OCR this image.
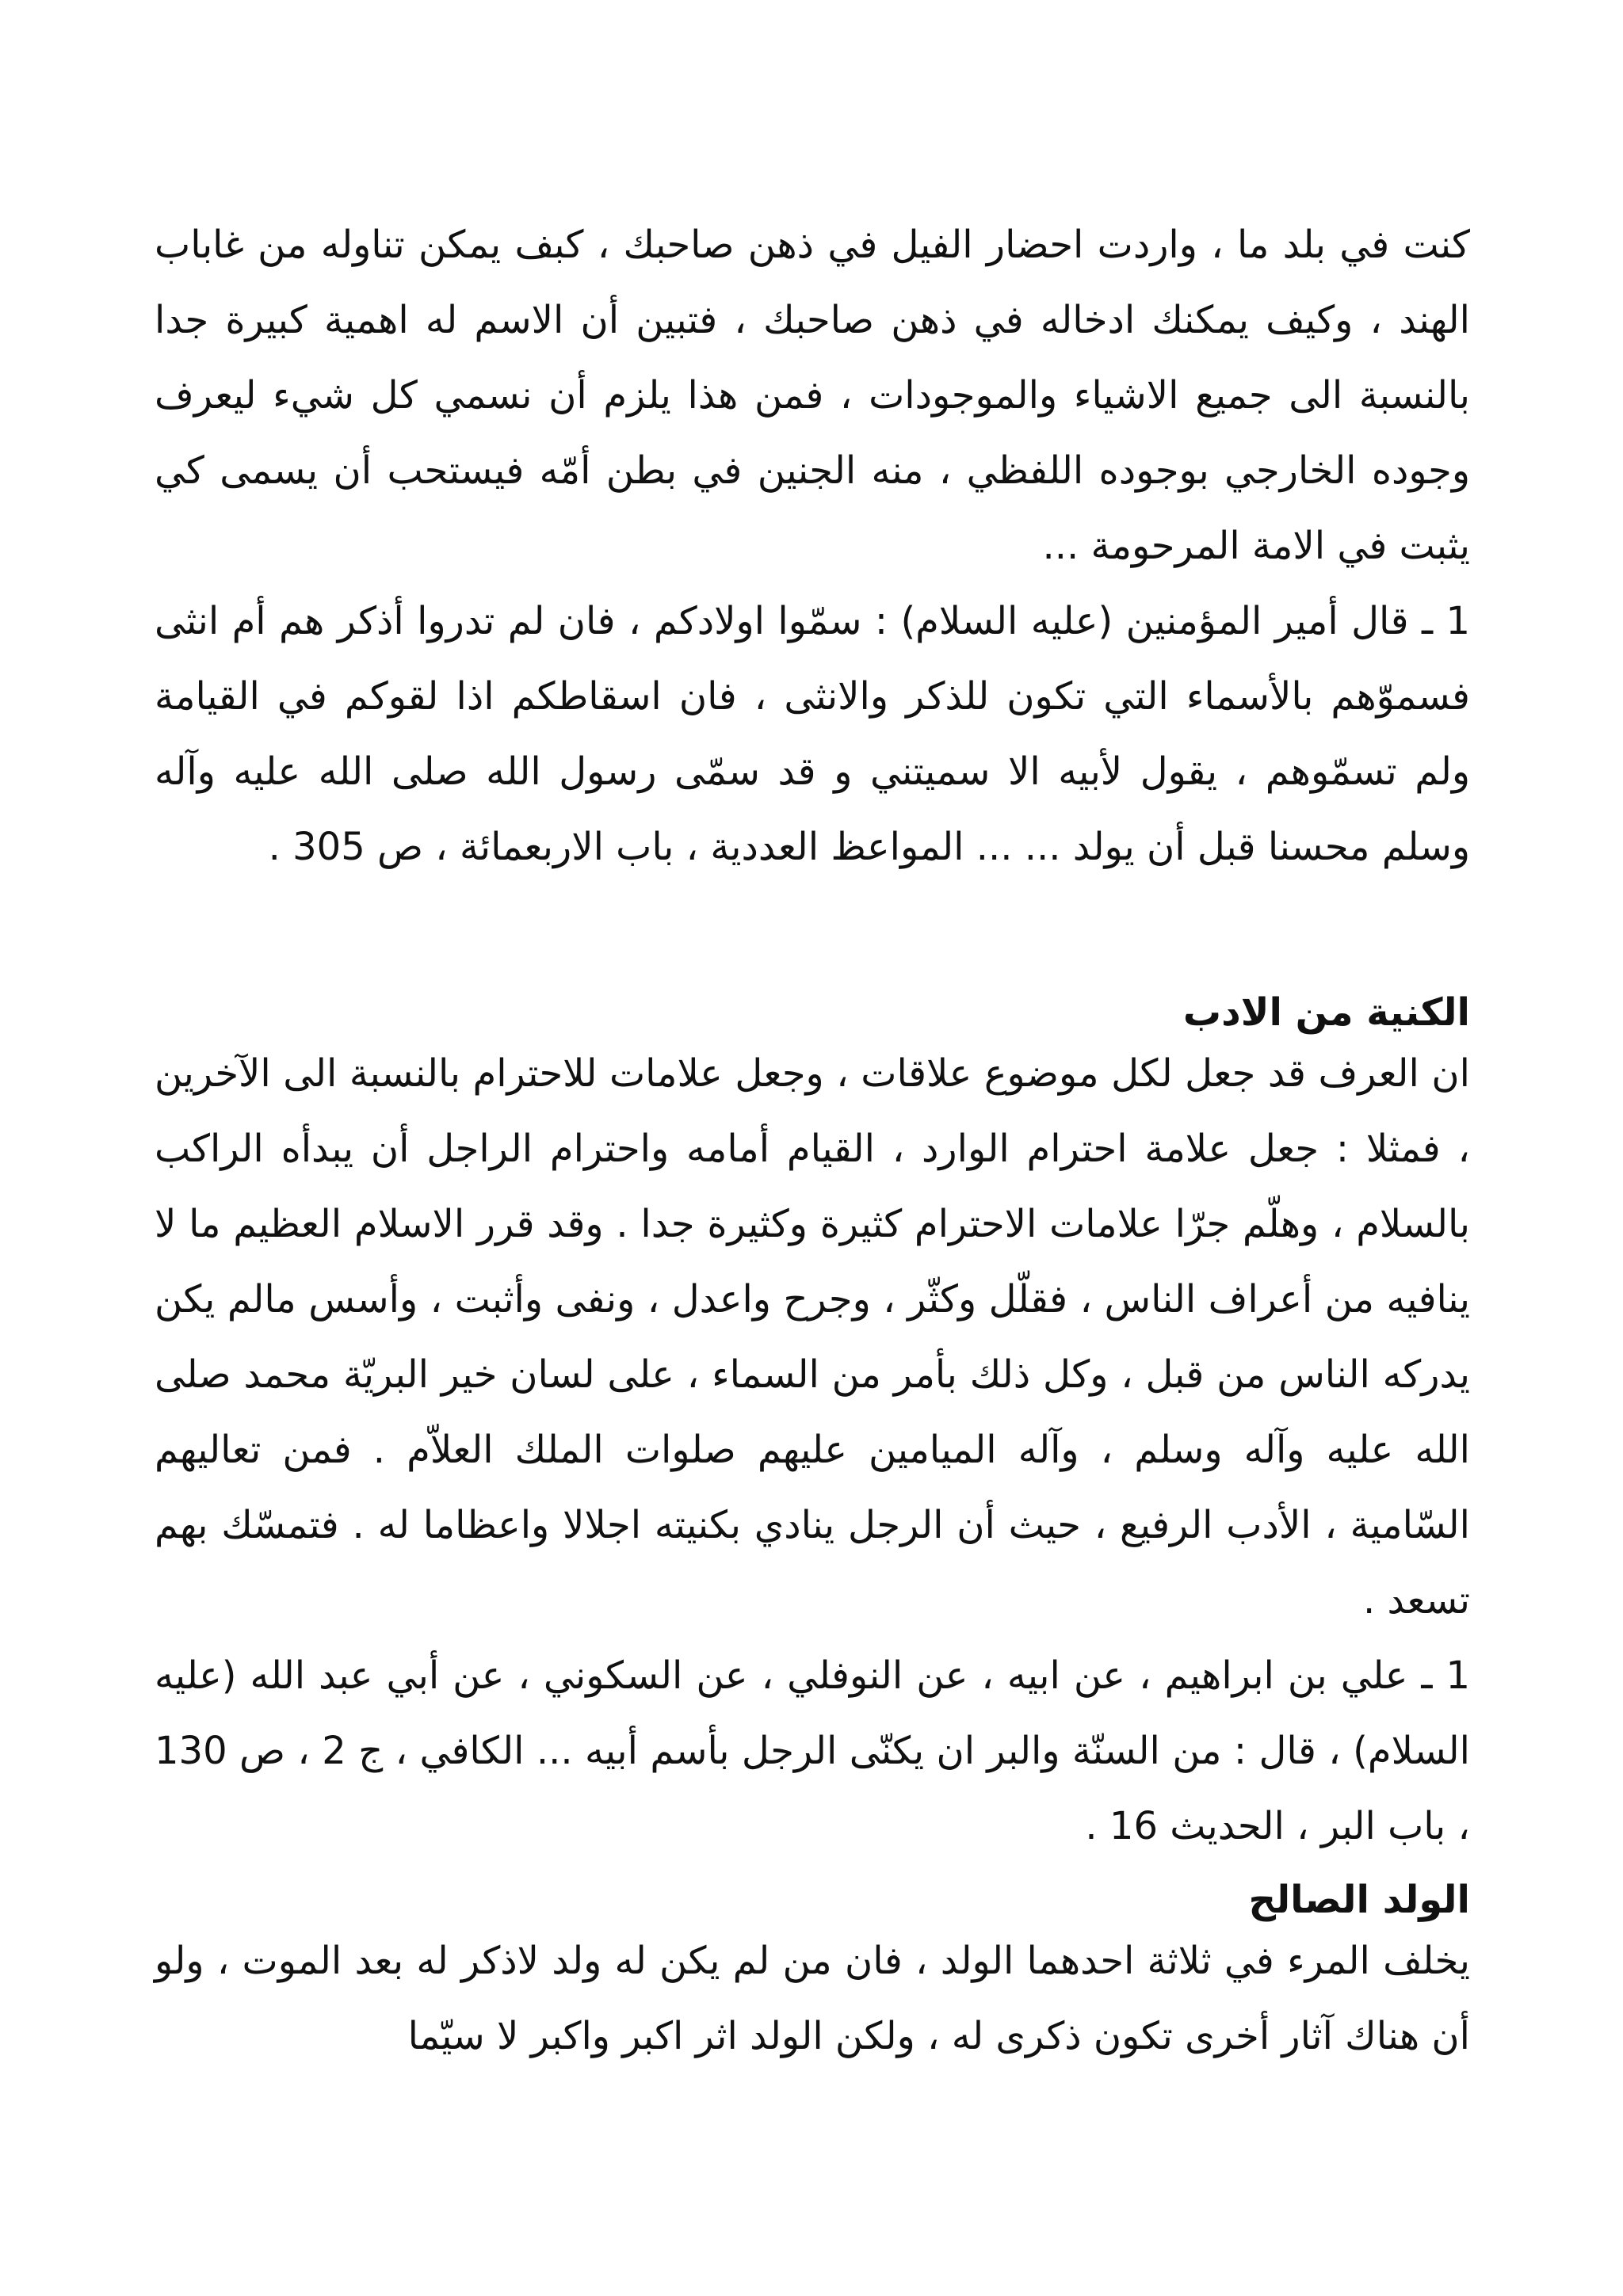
كنت في بلد ما ، واردت احضار الفيل في ذهن صاحبك ، كبف يمكن تناوله من غاباب الهند ، وكيف يمكنك ادخاله في ذهن صاحبك ، فتبين أن الاسم له اهمية كبيرة جدا بالنسبة الى جميع الاشياء والموجودات ، فمن هذا يلزم أن نسمي كل شيء ليعرف وجوده الخارجي بوجوده اللفظي ، منه الجنين في بطن أمّه فيستحب أن يسمى كي يثبت في الامة المرحومة ...

1 ـ قال أمير المؤمنين (عليه السلام) : سمّوا اولادكم ، فان لم تدروا أذكر هم أم انثى فسموّهم بالأسماء التي تكون للذكر والانثى ، فان اسقاطكم اذا لقوكم في القيامة ولم تسمّوهم ، يقول لأبيه الا سميتني و قد سمّى رسول الله صلى الله عليه وآله وسلم محسنا قبل أن يولد ... ... المواعظ العددية ، باب الاربعمائة ، ص 305 .

الكنية من الادب

ان العرف قد جعل لكل موضوع علاقات ، وجعل علامات للاحترام بالنسبة الى الآخرين ، فمثلا : جعل علامة احترام الوارد ، القيام أمامه واحترام الراجل أن يبدأه الراكب بالسلام ، وهلّم جرّا علامات الاحترام كثيرة وكثيرة جدا . وقد قرر الاسلام العظيم ما لا ينافيه من أعراف الناس ، فقلّل وكثّر ، وجرح واعدل ، ونفى وأثبت ، وأسس مالم يكن يدركه الناس من قبل ، وكل ذلك بأمر من السماء ، على لسان خير البريّة محمد صلى الله عليه وآله وسلم ، وآله الميامين عليهم صلوات الملك العلاّم . فمن تعاليهم السّامية ، الأدب الرفيع ، حيث أن الرجل ينادي بكنيته اجلالا واعظاما له . فتمسّك بهم تسعد .

1 ـ علي بن ابراهيم ، عن ابيه ، عن النوفلي ، عن السكوني ، عن أبي عبد الله (عليه السلام) ، قال : من السنّة والبر ان يكنّى الرجل بأسم أبيه ... الكافي ، ج 2 ، ص 130 ، باب البر ، الحديث 16 .

الولد الصالح

يخلف المرء في ثلاثة احدهما الولد ، فان من لم يكن له ولد لاذكر له بعد الموت ، ولو أن هناك آثار أخرى تكون ذكرى له ، ولكن الولد اثر اكبر واكبر لا سيّما
